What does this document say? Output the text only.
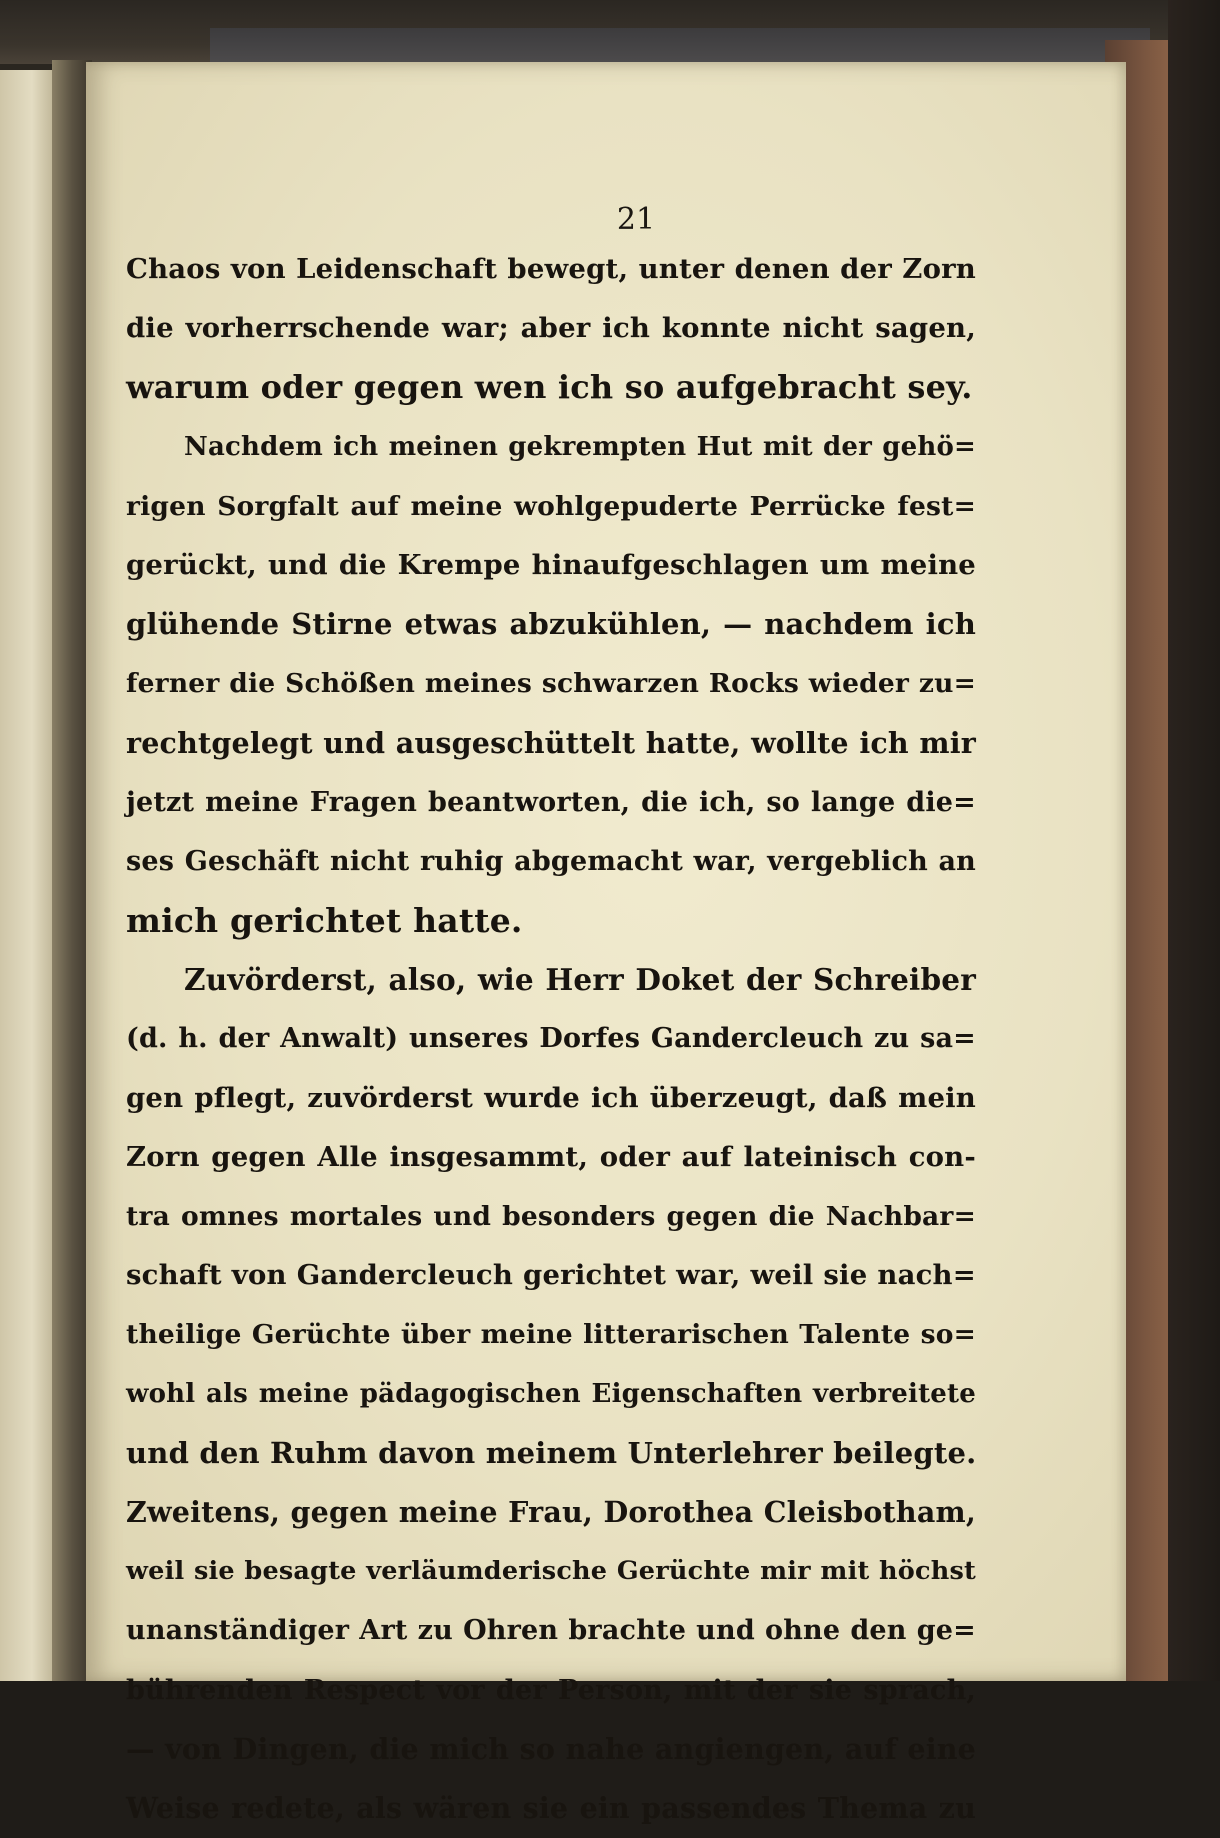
21
Chaos von Leidenschaft bewegt, unter denen der Zorn
die vorherrschende war; aber ich konnte nicht sagen,
warum oder gegen wen ich so aufgebracht sey.
Nachdem ich meinen gekrempten Hut mit der gehö=
rigen Sorgfalt auf meine wohlgepuderte Perrücke fest=
gerückt, und die Krempe hinaufgeschlagen um meine
glühende Stirne etwas abzukühlen, — nachdem ich
ferner die Schößen meines schwarzen Rocks wieder zu=
rechtgelegt und ausgeschüttelt hatte, wollte ich mir
jetzt meine Fragen beantworten, die ich, so lange die=
ses Geschäft nicht ruhig abgemacht war, vergeblich an
mich gerichtet hatte.
Zuvörderst, also, wie Herr Doket der Schreiber
(d. h. der Anwalt) unseres Dorfes Gandercleuch zu sa=
gen pflegt, zuvörderst wurde ich überzeugt, daß mein
Zorn gegen Alle insgesammt, oder auf lateinisch con-
tra omnes mortales und besonders gegen die Nachbar=
schaft von Gandercleuch gerichtet war, weil sie nach=
theilige Gerüchte über meine litterarischen Talente so=
wohl als meine pädagogischen Eigenschaften verbreitete
und den Ruhm davon meinem Unterlehrer beilegte.
Zweitens, gegen meine Frau, Dorothea Cleisbotham,
weil sie besagte verläumderische Gerüchte mir mit höchst
unanständiger Art zu Ohren brachte und ohne den ge=
bührenden Respect vor der Person, mit der sie sprach,
— von Dingen, die mich so nahe angiengen, auf eine
Weise redete, als wären sie ein passendes Thema zu
